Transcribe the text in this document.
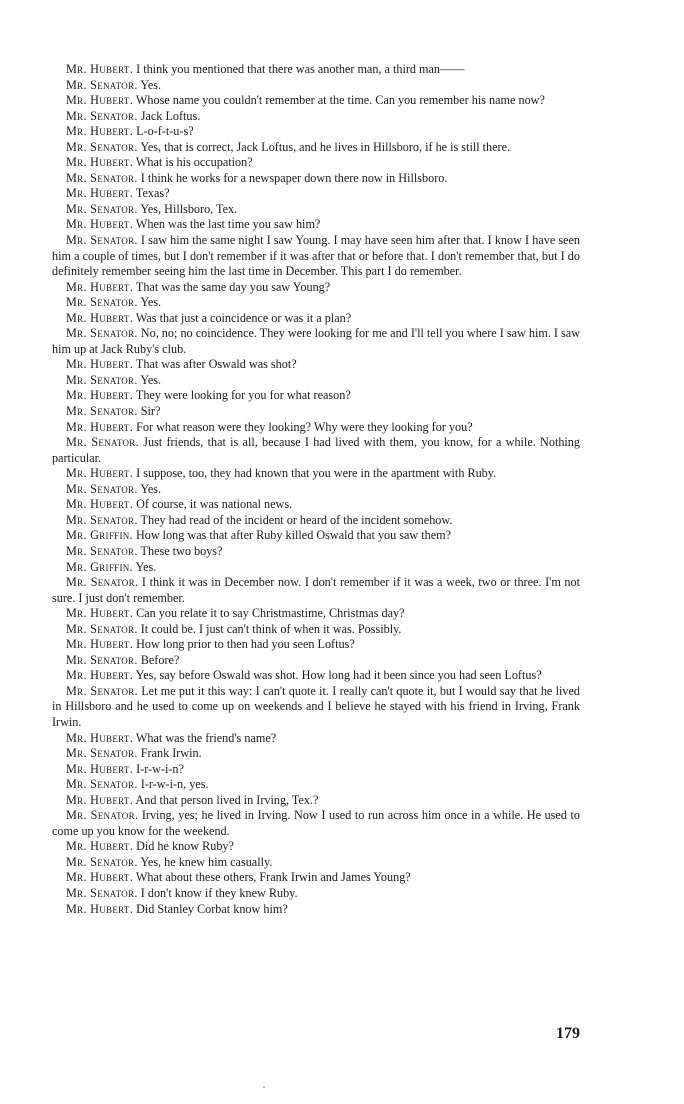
Mr. Hubert. I think you mentioned that there was another man, a third man——

Mr. Senator. Yes.

Mr. Hubert. Whose name you couldn't remember at the time. Can you remember his name now?

Mr. Senator. Jack Loftus.

Mr. Hubert. L-o-f-t-u-s?

Mr. Senator. Yes, that is correct, Jack Loftus, and he lives in Hillsboro, if he is still there.

Mr. Hubert. What is his occupation?

Mr. Senator. I think he works for a newspaper down there now in Hillsboro.

Mr. Hubert. Texas?

Mr. Senator. Yes, Hillsboro, Tex.

Mr. Hubert. When was the last time you saw him?

Mr. Senator. I saw him the same night I saw Young. I may have seen him after that. I know I have seen him a couple of times, but I don't remember if it was after that or before that. I don't remember that, but I do definitely remember seeing him the last time in December. This part I do remember.

Mr. Hubert. That was the same day you saw Young?

Mr. Senator. Yes.

Mr. Hubert. Was that just a coincidence or was it a plan?

Mr. Senator. No, no; no coincidence. They were looking for me and I'll tell you where I saw him. I saw him up at Jack Ruby's club.

Mr. Hubert. That was after Oswald was shot?

Mr. Senator. Yes.

Mr. Hubert. They were looking for you for what reason?

Mr. Senator. Sir?

Mr. Hubert. For what reason were they looking? Why were they looking for you?

Mr. Senator. Just friends, that is all, because I had lived with them, you know, for a while. Nothing particular.

Mr. Hubert. I suppose, too, they had known that you were in the apartment with Ruby.

Mr. Senator. Yes.

Mr. Hubert. Of course, it was national news.

Mr. Senator. They had read of the incident or heard of the incident somehow.

Mr. Griffin. How long was that after Ruby killed Oswald that you saw them?

Mr. Senator. These two boys?

Mr. Griffin. Yes.

Mr. Senator. I think it was in December now. I don't remember if it was a week, two or three. I'm not sure. I just don't remember.

Mr. Hubert. Can you relate it to say Christmastime, Christmas day?

Mr. Senator. It could be. I just can't think of when it was. Possibly.

Mr. Hubert. How long prior to then had you seen Loftus?

Mr. Senator. Before?

Mr. Hubert. Yes, say before Oswald was shot. How long had it been since you had seen Loftus?

Mr. Senator. Let me put it this way: I can't quote it. I really can't quote it, but I would say that he lived in Hillsboro and he used to come up on weekends and I believe he stayed with his friend in Irving, Frank Irwin.

Mr. Hubert. What was the friend's name?

Mr. Senator. Frank Irwin.

Mr. Hubert. I-r-w-i-n?

Mr. Senator. I-r-w-i-n, yes.

Mr. Hubert. And that person lived in Irving, Tex.?

Mr. Senator. Irving, yes; he lived in Irving. Now I used to run across him once in a while. He used to come up you know for the weekend.

Mr. Hubert. Did he know Ruby?

Mr. Senator. Yes, he knew him casually.

Mr. Hubert. What about these others, Frank Irwin and James Young?

Mr. Senator. I don't know if they knew Ruby.

Mr. Hubert. Did Stanley Corbat know him?

179
